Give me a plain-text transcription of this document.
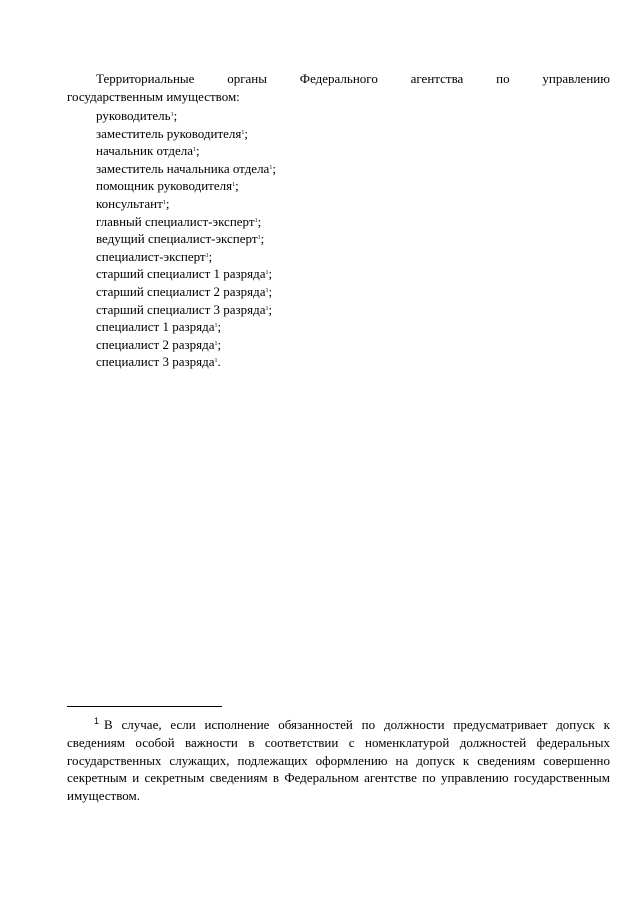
Территориальные	органы	Федерального	агентства	по	управлению
государственным имуществом:
руководитель$^1$;
заместитель руководителя$^1$;
начальник отдела$^1$;
заместитель начальника отдела$^1$;
помощник руководителя$^1$;
консультант$^1$;
главный специалист-эксперт$^1$;
ведущий специалист-эксперт$^1$;
специалист-эксперт$^1$;
старший специалист 1 разряда$^1$;
старший специалист 2 разряда$^1$;
старший специалист 3 разряда$^1$;
специалист 1 разряда$^1$;
специалист 2 разряда$^1$;
специалист 3 разряда$^1$.
$^1$ В случае, если исполнение обязанностей по должности предусматривает допуск к сведениям особой важности в соответствии с номенклатурой должностей федеральных государственных служащих, подлежащих оформлению на допуск к сведениям совершенно секретным и секретным сведениям в Федеральном агентстве по управлению государственным имуществом.
